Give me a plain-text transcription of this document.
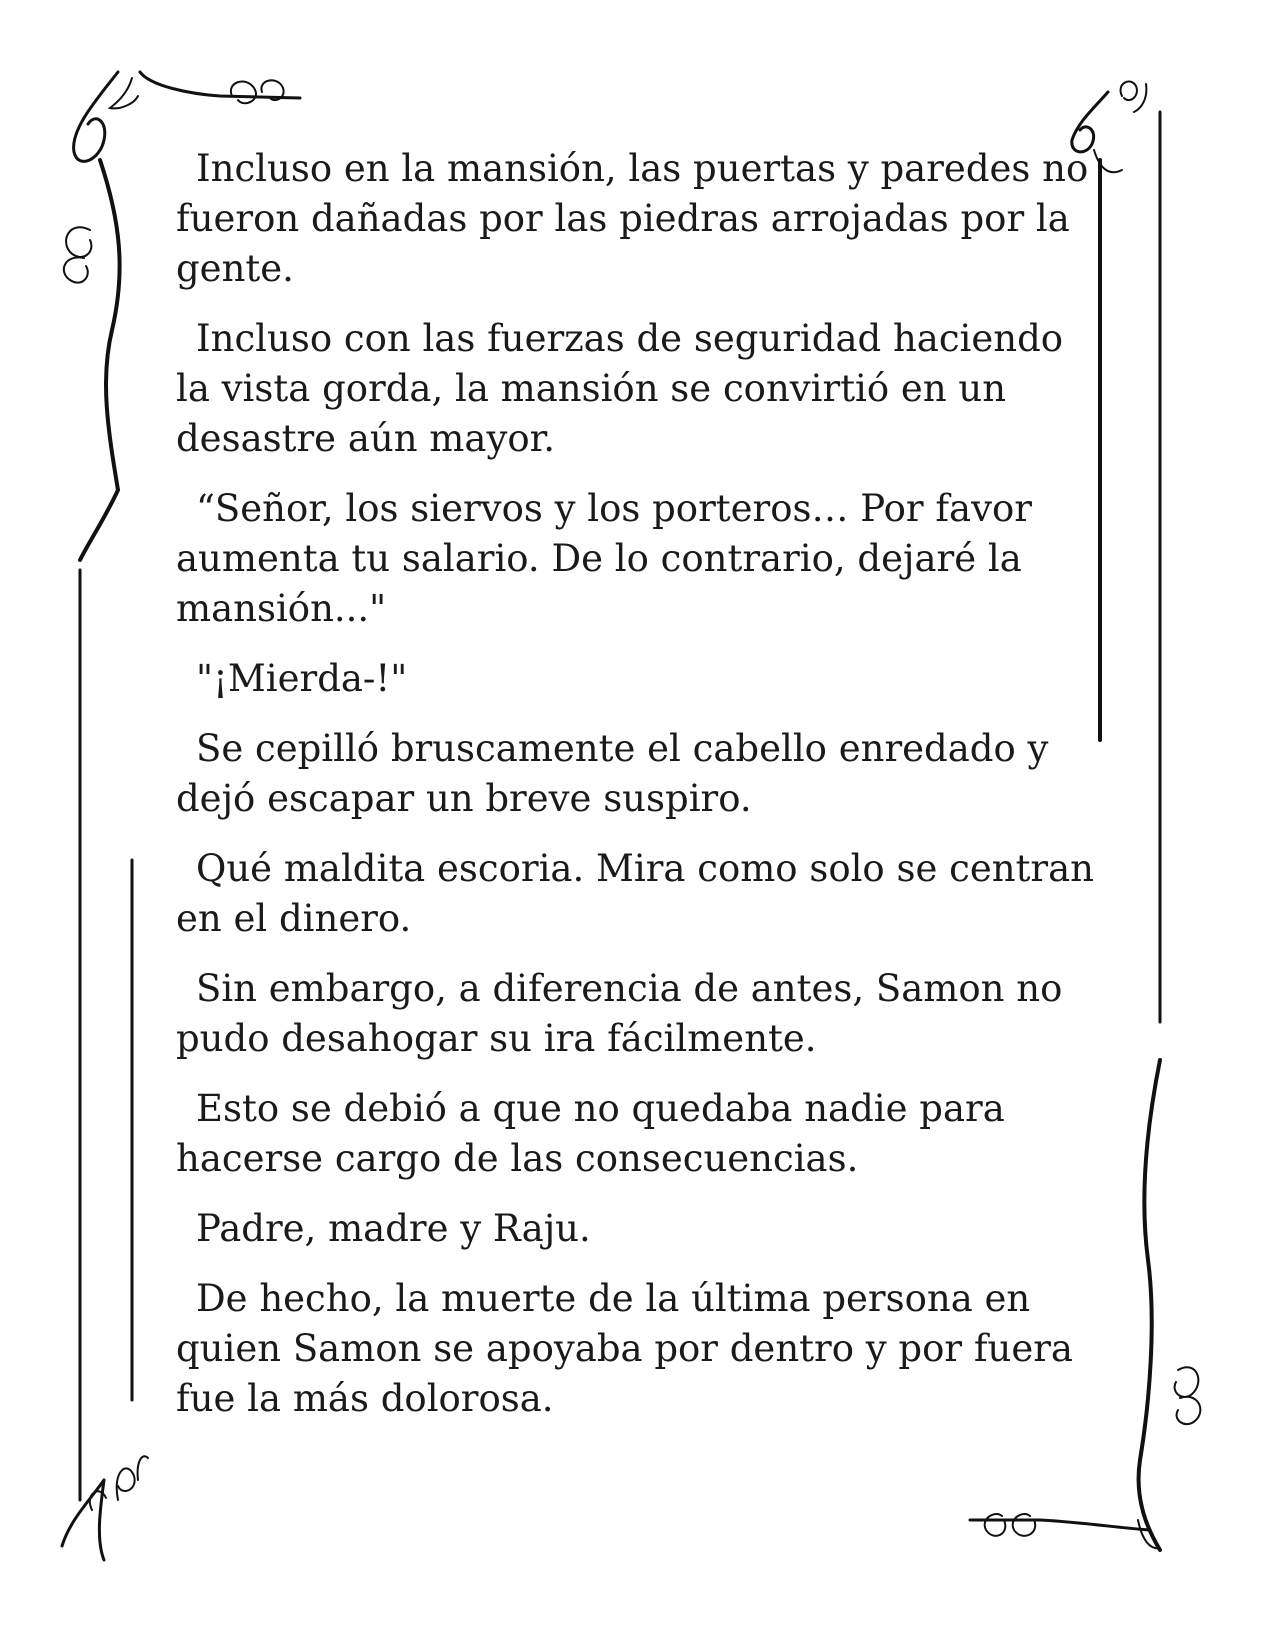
Incluso en la mansión, las puertas y paredes no fueron dañadas por las piedras arrojadas por la gente.

Incluso con las fuerzas de seguridad haciendo la vista gorda, la mansión se convirtió en un desastre aún mayor.

“Señor, los siervos y los porteros… Por favor aumenta tu salario. De lo contrario, dejaré la mansión..."

"¡Mierda-!"

Se cepilló bruscamente el cabello enredado y dejó escapar un breve suspiro.

Qué maldita escoria. Mira como solo se centran en el dinero.

Sin embargo, a diferencia de antes, Samon no pudo desahogar su ira fácilmente.

Esto se debió a que no quedaba nadie para hacerse cargo de las consecuencias.

Padre, madre y Raju.

De hecho, la muerte de la última persona en quien Samon se apoyaba por dentro y por fuera fue la más dolorosa.
